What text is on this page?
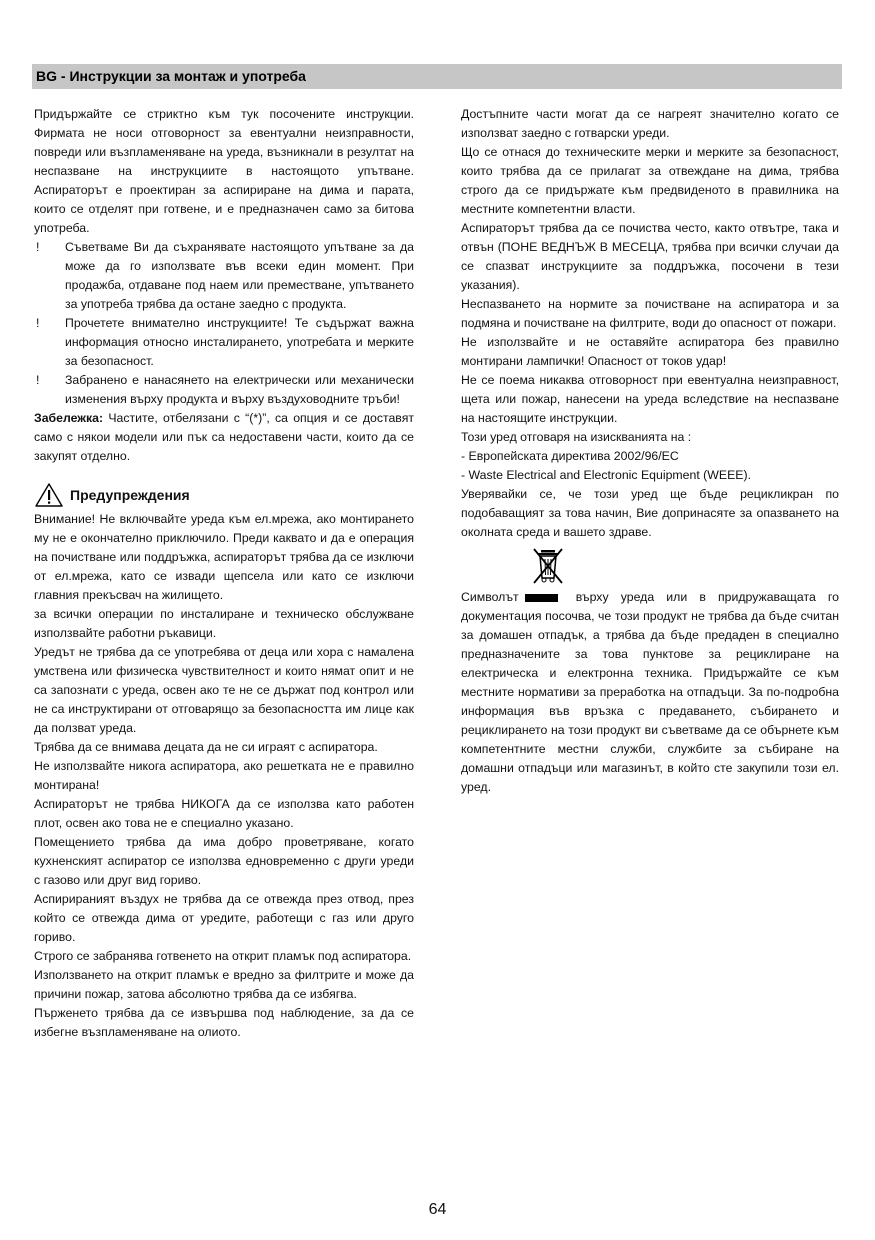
BG - Инструкции за монтаж и употреба

Придържайте се стриктно към тук посочените инструкции. Фирмата не носи отговорност за евентуални неизправности, повреди или възпламеняване на уреда, възникнали в резултат на неспазване на инструкциите в настоящото упътване. Аспираторът е проектиран за аспириране на дима и парата, които се отделят при готвене, и е предназначен само за битова употреба.

! Съветваме Ви да съхранявате настоящото упътване за да може да го използвате във всеки един момент. При продажба, отдаване под наем или преместване, упътването за употреба трябва да остане заедно с продукта.
! Прочетете внимателно инструкциите! Те съдържат важна информация относно инсталирането, употребата и мерките за безопасност.
! Забранено е нанасянето на електрически или механически изменения върху продукта и върху въздуховодните тръби!

Забележка: Частите, отбелязани с “(*)”, са опция и се доставят само с някои модели или пък са недоставени части, които да се закупят отделно.

Предупреждения

Внимание! Не включвайте уреда към ел.мрежа, ако монтирането му не е окончателно приключило. Преди каквато и да е операция на почистване или поддръжка, аспираторът трябва да се изключи от ел.мрежа, като се извади щепсела или като се изключи главния прекъсвач на жилището.

за всички операции по инсталиране и техническо обслужване използвайте работни ръкавици.

Уредът не трябва да се употребява от деца или хора с намалена умствена или физическа чувствителност и които нямат опит и не са запознати с уреда, освен ако те не се държат под контрол или не са инструктирани от отговарящо за безопасността им лице как да ползват уреда.

Трябва да се внимава децата да не си играят с аспиратора.

Не използвайте никога аспиратора, ако решетката не е правилно монтирана!

Аспираторът не трябва НИКОГА да се използва като работен плот, освен ако това не е специално указано.

Помещението трябва да има добро проветряване, когато кухненският аспиратор се използва едновременно с други уреди с газово или друг вид гориво.

Аспирираният въздух не трябва да се отвежда през отвод, през който се отвежда дима от уредите, работещи с газ или друго гориво.

Строго се забранява готвенето на открит пламък под аспиратора.

Използването на открит пламък е вредно за филтрите и може да причини пожар, затова абсолютно трябва да се избягва.

Пърженето трябва да се извършва под наблюдение, за да се избегне възпламеняване на олиото.

Достъпните части могат да се нагреят значително когато се използват заедно с готварски уреди.

Що се отнася до техническите мерки и мерките за безопасност, които трябва да се прилагат за отвеждане на дима, трябва строго да се придържате към предвиденото в правилника на местните компетентни власти.

Аспираторът трябва да се почиства често, както отвътре, така и отвън (ПОНЕ ВЕДНЪЖ В МЕСЕЦА, трябва при всички случаи да се спазват инструкциите за поддръжка, посочени в тези указания).

Неспазването на нормите за почистване на аспиратора и за подмяна и почистване на филтрите, води до опасност от пожари.

Не използвайте и не оставяйте аспиратора без правилно монтирани лампички! Опасност от токов удар!

Не се поема никаква отговорност при евентуална неизправност, щета или пожар, нанесени на уреда вследствие на неспазване на настоящите инструкции.

Този уред отговаря на изискванията на :

- Европейската директива 2002/96/EC

- Waste Electrical and Electronic Equipment (WEEE).

Уверявайки се, че този уред ще бъде рецикликран по подобаващият за това начин, Вие допринасяте за опазването на околната среда и вашето здраве.

Символът	върху уреда или в придружаващата го документация посочва, че този продукт не трябва да бъде считан за домашен отпадък, а трябва да бъде предаден в специално предназначените за това пунктове за рециклиране на електрическа и електронна техника. Придържайте се към местните нормативи за преработка на отпадъци. За по-подробна информация във връзка с предаването, събирането и рециклирането на този продукт ви съветваме да се обърнете към компетентните местни служби, службите за събиране на домашни отпадъци или магазинът, в който сте закупили този ел. уред.

64
